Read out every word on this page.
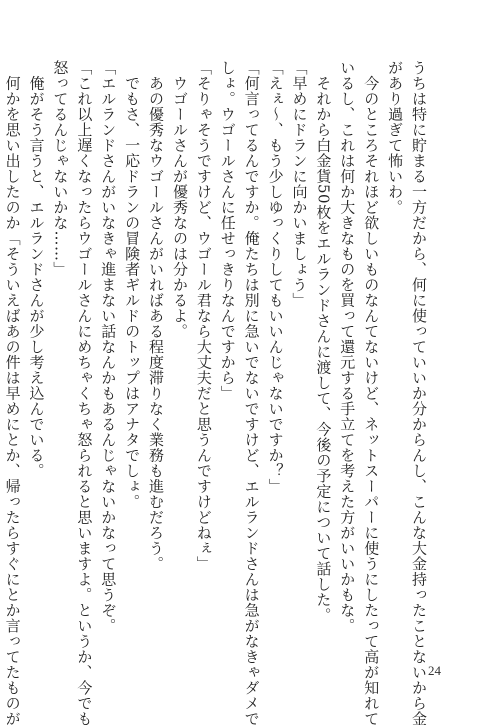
うちは特に貯まる一方だから、何に使っていいか分からんし、こんな大金持ったことないから金
があり過ぎて怖いわ。
　今のところそれほど欲しいものなんてないけど、ネットスーパーに使うにしたって高が知れて
いるし、これは何か大きなものを買って還元する手立てを考えた方がいいかもな。
　それから白金貨50枚をエルランドさんに渡して、今後の予定について話した。
「早めにドランに向かいましょう」
「えぇ～、もう少しゆっくりしてもいいんじゃないですか？」
「何言ってるんですか。俺たちは別に急いでないですけど、エルランドさんは急がなきゃダメで
しょ。ウゴールさんに任せっきりなんですから」
「そりゃそうですけど、ウゴール君なら大丈夫だと思うんですけどねぇ」
　ウゴールさんが優秀なのは分かるよ。
　あの優秀なウゴールさんがいればある程度滞りなく業務も進むだろう。
　でもさ、一応ドランの冒険者ギルドのトップはアナタでしょ。
「エルランドさんがいなきゃ進まない話なんかもあるんじゃないかなって思うぞ。
「これ以上遅くなったらウゴールさんにめちゃくちゃ怒られると思いますよ。というか、今でも
怒ってるんじゃないかな……」
　俺がそう言うと、エルランドさんが少し考え込んでいる。
　何かを思い出したのか「そういえばあの件は早めにとか、帰ったらすぐにとか言ってたものが	24
